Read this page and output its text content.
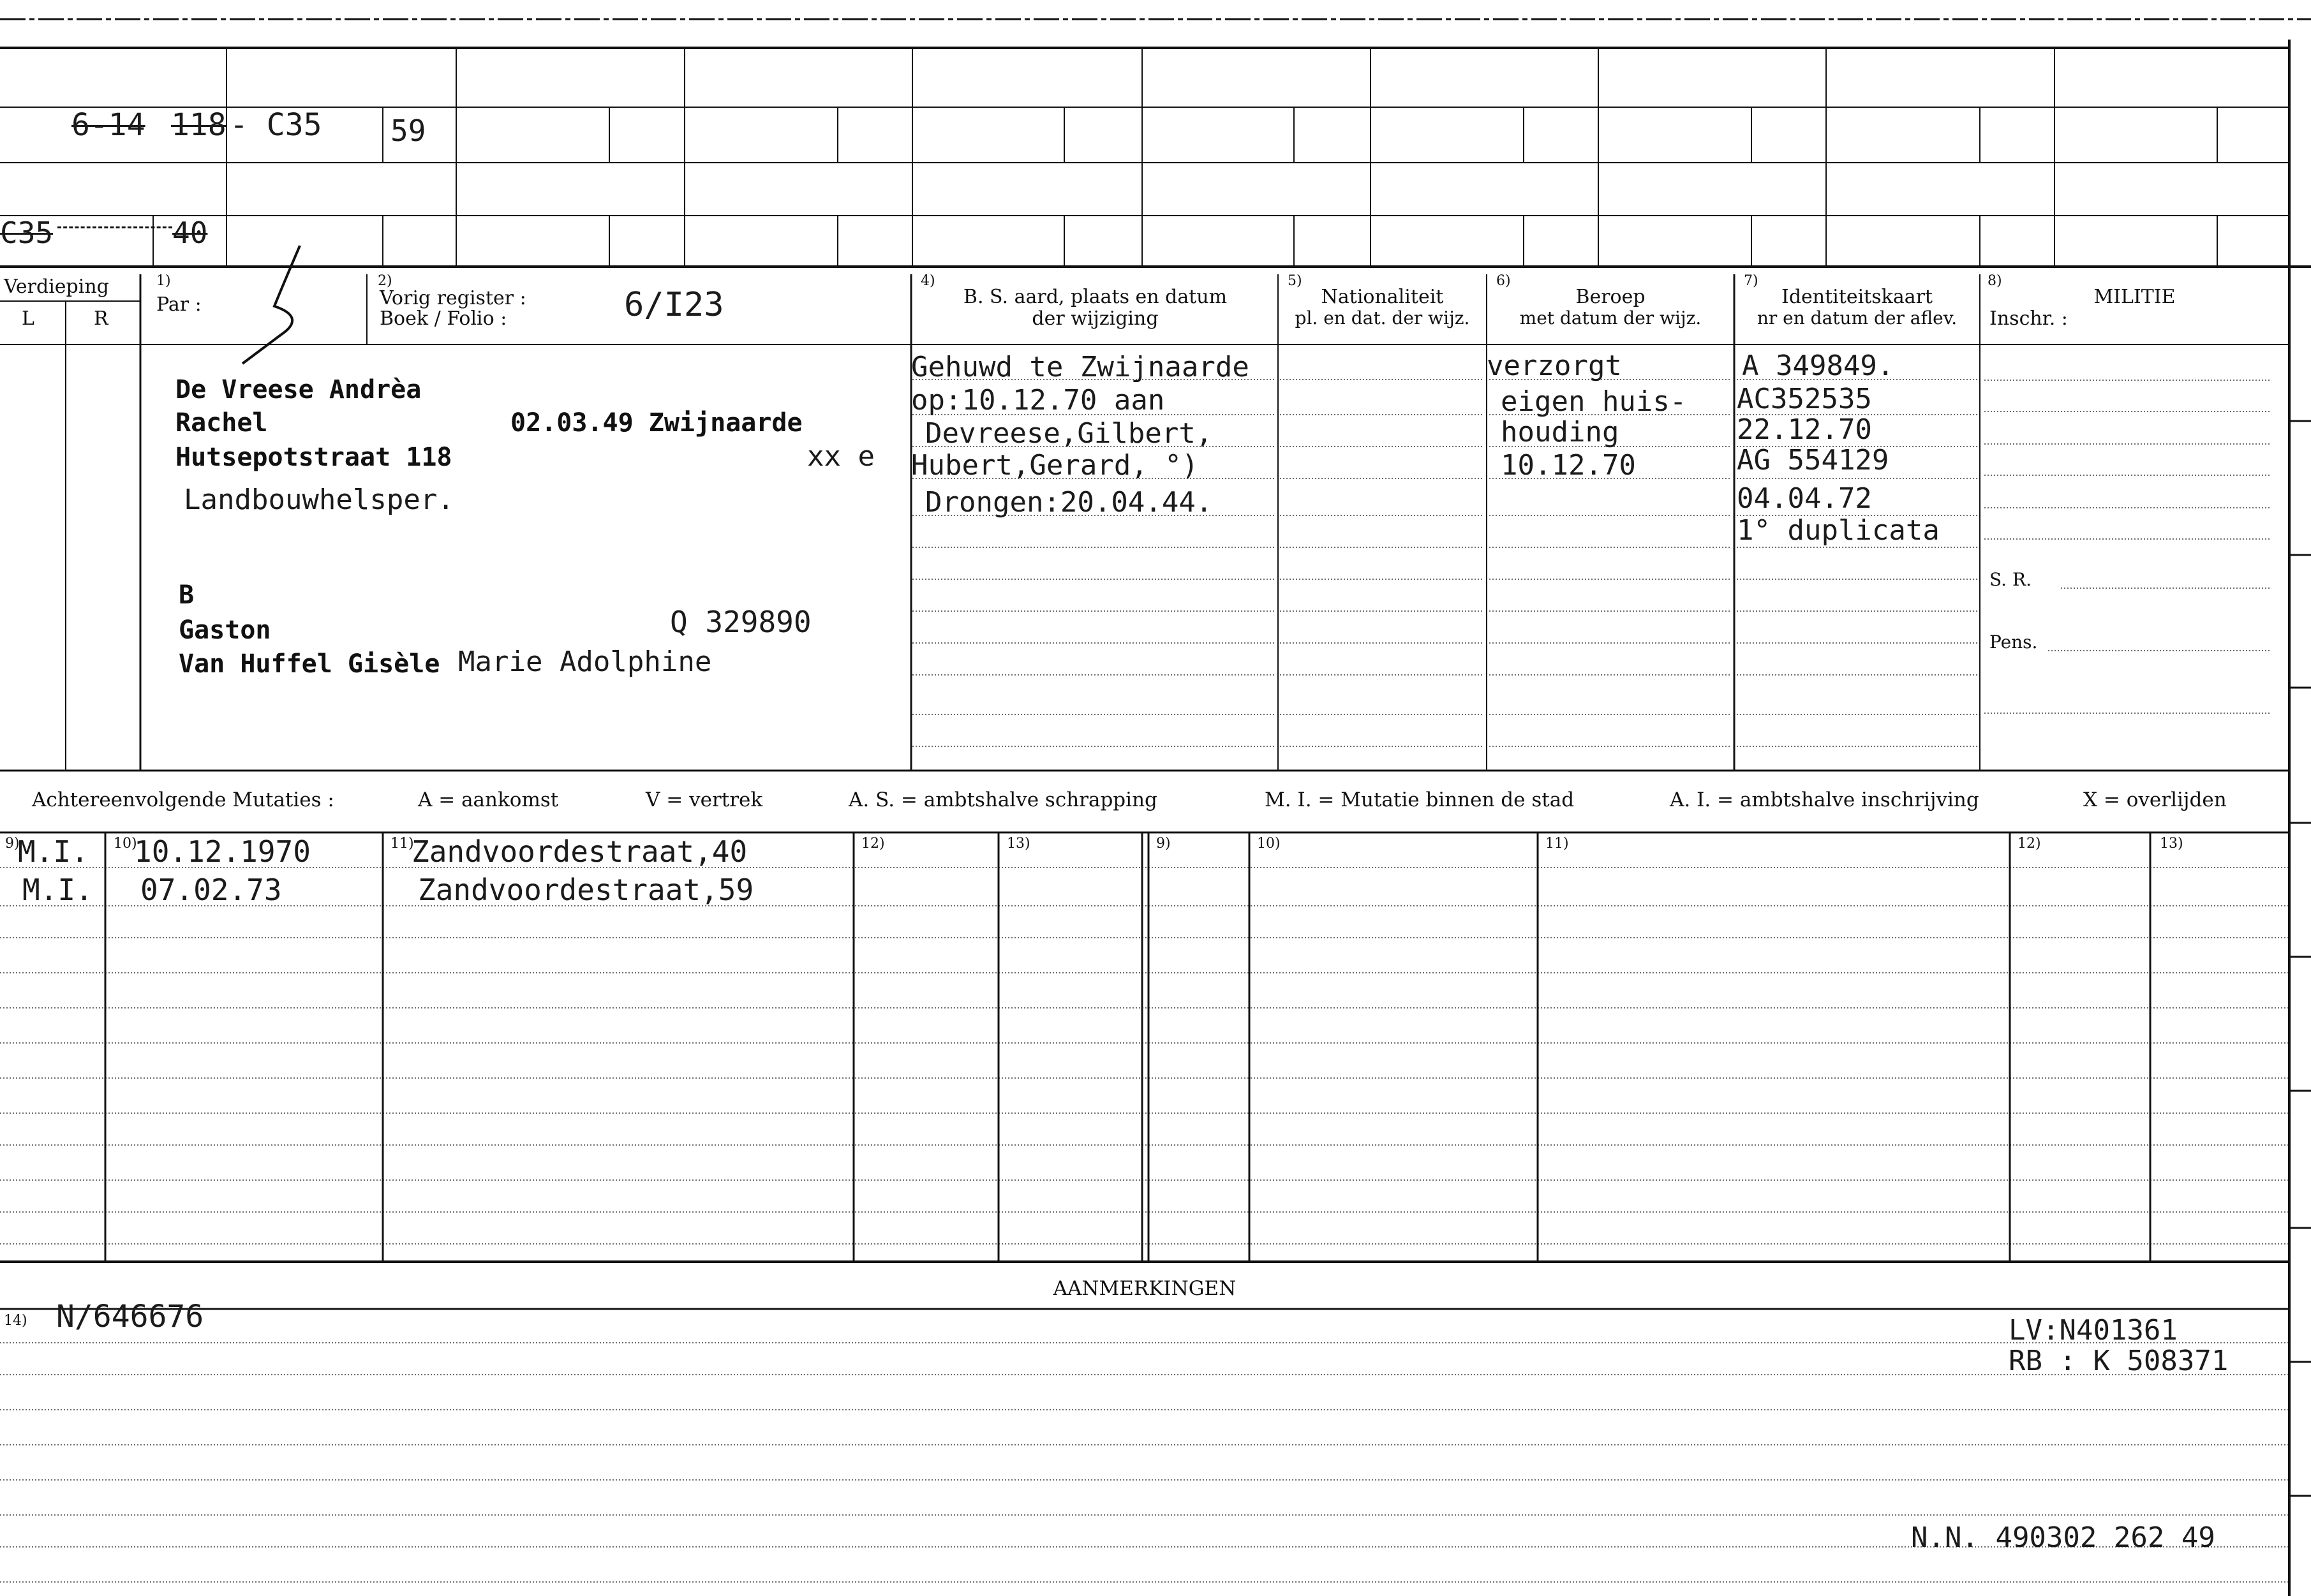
6-14 118 - C35 59
C35	40
Verdieping
L	R
1)
Par :
2)
Vorig register :
Boek / Folio :	6/I23
4)
B. S. aard, plaats en datum
der wijziging
5)
Nationaliteit
pl. en dat. der wijz.
6)
Beroep
met datum der wijz.
7)
Identiteitskaart
nr en datum der aflev.
8)
MILITIE
Inschr. :
S. R.
Pens.
De Vreese Andrèa
Rachel	02.03.49 Zwijnaarde
Hutsepotstraat 118	xx e
Landbouwhelsper.
B
Gaston	Q 329890
Van Huffel Gisèle Marie Adolphine
Gehuwd te Zwijnaarde
op:10.12.70 aan
Devreese,Gilbert,
Hubert,Gerard, °)
Drongen:20.04.44.
verzorgt
eigen huis-
houding
10.12.70
A 349849.
AC352535
22.12.70
AG 554129
04.04.72
1° duplicata
Achtereenvolgende Mutaties :	A = aankomst	V = vertrek	A. S. = ambtshalve schrapping	M. I. = Mutatie binnen de stad	A. I. = ambtshalve inschrijving	X = overlijden
9)	10)	11)	12)	13)	9)	10)	11)	12)	13)
M.I. 10.12.1970	Zandvoordestraat,40
M.I. 07.02.73	Zandvoordestraat,59
AANMERKINGEN
14) N/646676	LV:N401361
RB : K 508371
N.N. 490302 262 49
